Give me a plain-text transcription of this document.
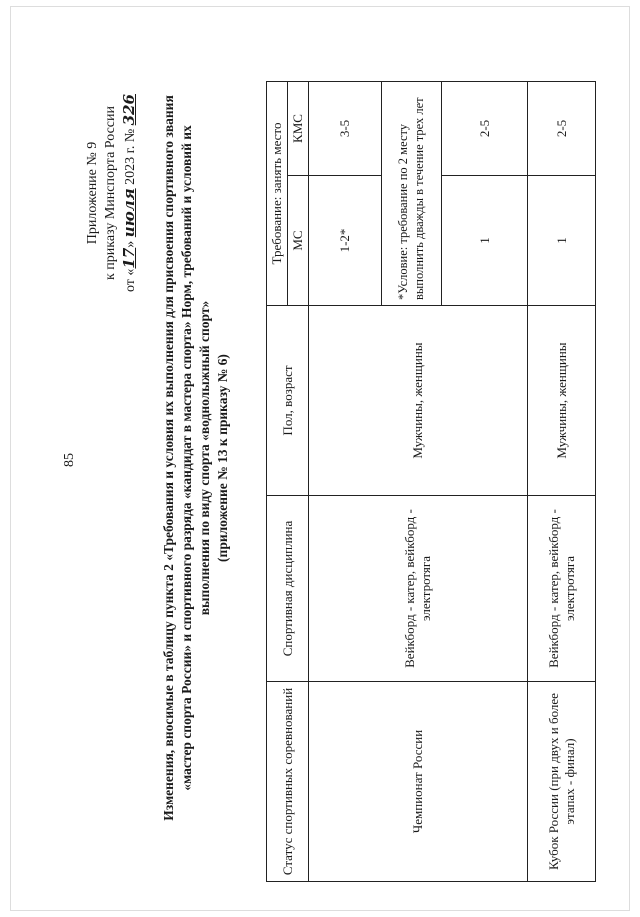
85
Приложение № 9 к приказу Минспорта России
от «17» июля 2023 г. № 326 Изменения, вносимые в таблицу пункта 2 «Требования и условия их выполнения для присвоения спортивного звания «мастер спорта России» и спортивного разряда «кандидат в мастера спорта» Норм, требований и условий их выполнения по виду спорта «воднолыжный спорт» (приложение № 13 к приказу № 6)
Статус спортивных соревнований	Спортивная дисциплина	Пол, возраст	Требование: занять место	
			МС	КМС
Чемпионат России	Вейкборд - катер, вейкборд - электротяга	Мужчины, женщины	1-2*	3-5
			*Условие: требование по 2 месту выполнить дважды в течение трех лет	
			1	2-5
Кубок России (при двух и более этапах - финал)	Вейкборд - катер, вейкборд - электротяга	Мужчины, женщины	1	2-5
